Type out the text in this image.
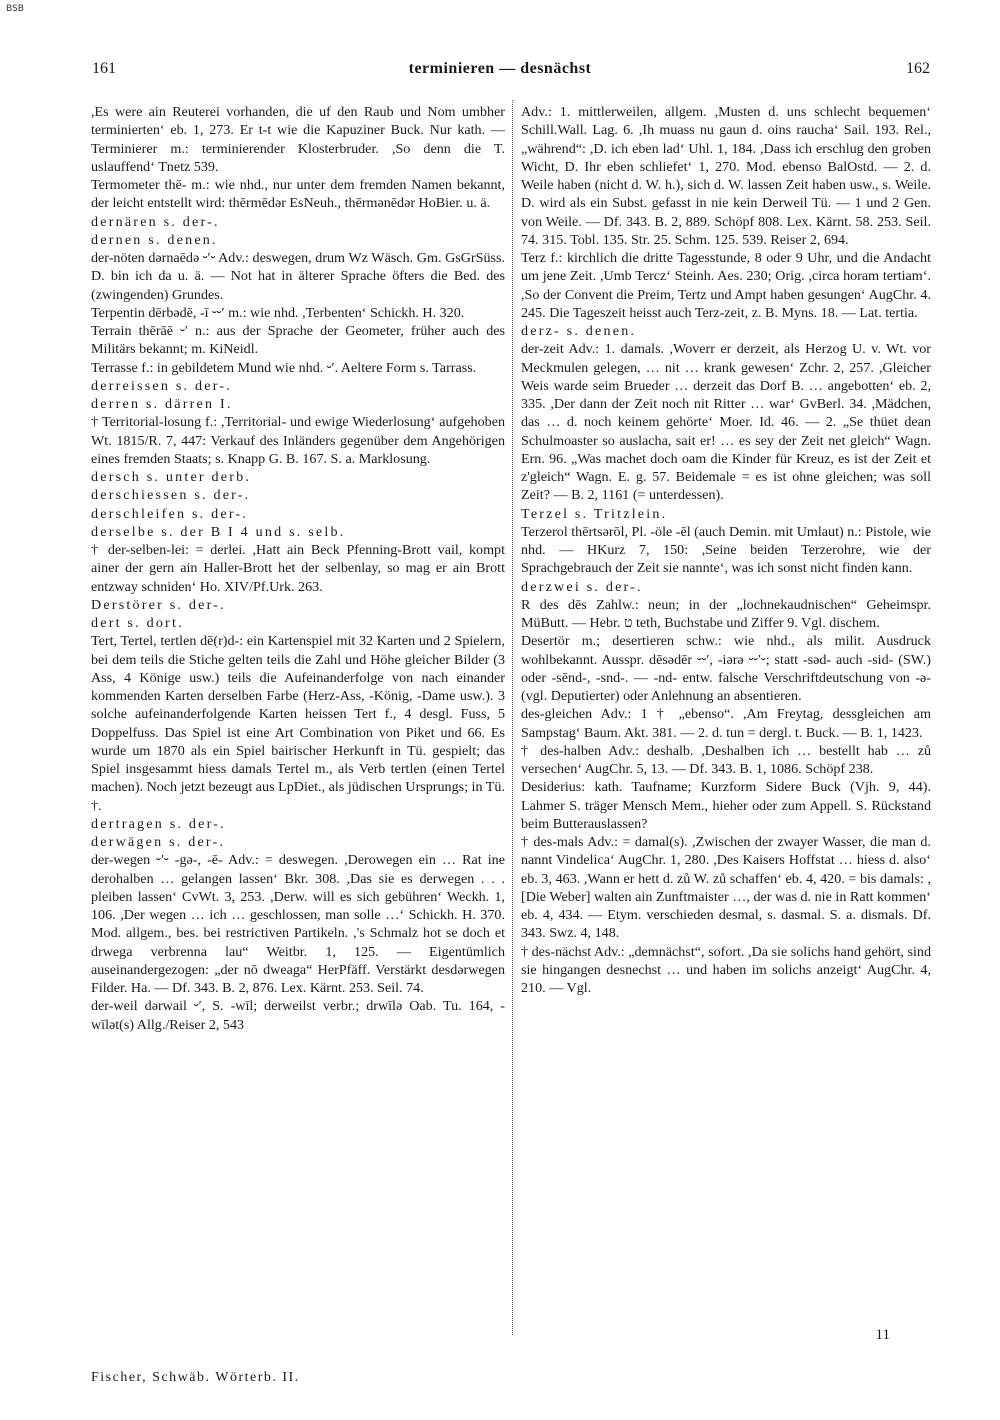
BSB
161	terminieren — desnächst	162

,Es were ain Reuterei vorhanden, die uf den Raub und Nom umbher terminierten‘ eb. 1, 273. Er t-t wie die Kapuziner Buck. Nur kath. — Terminierer m.: terminierender Klosterbruder. ,So denn die T. uslauffend‘ Tnetz 539.

Termometer thē- m.: wie nhd., nur unter dem fremden Namen bekannt, der leicht entstellt wird: thērmēdər EsNeuh., thērmənēdər HoBier. u. ä.

dernären s. der-.

dernen s. denen.

der-nöten dərnaēdə ⏑′⏑ Adv.: deswegen, drum Wz Wäsch. Gm. GsGrSüss. D. bin ich da u. ä. — Not hat in älterer Sprache öfters die Bed. des (zwingenden) Grundes.

Terpentin dērbədē, -ī ⏑⏑′ m.: wie nhd. ,Terbenten‘ Schickh. H. 320.

Terrain thērāē ⏑′ n.: aus der Sprache der Geometer, früher auch des Militärs bekannt; m. KiNeidl.

Terrasse f.: in gebildetem Mund wie nhd. ⏑′. Aeltere Form s. Tarrass.

derreissen s. der-.

derren s. därren I.

† Territorial-losung f.: ,Territorial- und ewige Wiederlosung‘ aufgehoben Wt. 1815/R. 7, 447: Verkauf des Inländers gegenüber dem Angehörigen eines fremden Staats; s. Knapp G. B. 167. S. a. Marklosung.

dersch s. unter derb.

derschiessen s. der-.

derschleifen s. der-.

derselbe s. der B I 4 und s. selb.

† der-selben-lei: = derlei. ,Hatt ain Beck Pfenning-Brott vail, kompt ainer der gern ain Haller-Brott het der selbenlay, so mag er ain Brott entzway schniden‘ Ho. XIV/Pf.Urk. 263.

Derstörer s. der-.

dert s. dort.

Tert, Tertel, tertlen dē(r)d-: ein Kartenspiel mit 32 Karten und 2 Spielern, bei dem teils die Stiche gelten teils die Zahl und Höhe gleicher Bilder (3 Ass, 4 Könige usw.) teils die Aufeinanderfolge von nach einander kommenden Karten derselben Farbe (Herz-Ass, -König, -Dame usw.). 3 solche aufeinanderfolgende Karten heissen Tert f., 4 desgl. Fuss, 5 Doppelfuss. Das Spiel ist eine Art Combination von Piket und 66. Es wurde um 1870 als ein Spiel bairischer Herkunft in Tü. gespielt; das Spiel insgesammt hiess damals Tertel m., als Verb tertlen (einen Tertel machen). Noch jetzt bezeugt aus LpDiet., als jüdischen Ursprungs; in Tü. †.

dertragen s. der-.

derwägen s. der-.

der-wegen ⏑′⏑ -gə-, -ē- Adv.: = deswegen. ,Derowegen ein … Rat ine derohalben … gelangen lassen‘ Bkr. 308. ,Das sie es derwegen . . . pleiben lassen‘ CvWt. 3, 253. ,Derw. will es sich gebühren‘ Weckh. 1, 106. ,Der wegen … ich … geschlossen, man solle …‘ Schickh. H. 370. Mod. allgem., bes. bei restrictiven Partikeln. ,'s Schmalz hot se doch et drwega verbrenna lau“ Weitbr. 1, 125. — Eigentümlich auseinandergezogen: „der nō dweaga“ HerPfäff. Verstärkt desdərwegen Filder. Ha. — Df. 343. B. 2, 876. Lex. Kärnt. 253. Seil. 74.

der-weil dərwail ⏑′, S. -wīl; derweilst verbr.; drwīlə Oab. Tu. 164, -wīlət(s) Allg./Reiser 2, 543

Adv.: 1. mittlerweilen, allgem. ,Musten d. uns schlecht bequemen‘ Schill.Wall. Lag. 6. ,Ih muass nu gaun d. oins raucha‘ Sail. 193. Rel., „während“: ,D. ich eben lad‘ Uhl. 1, 184. ,Dass ich erschlug den groben Wicht, D. Ihr eben schliefet‘ 1, 270. Mod. ebenso BalOstd. — 2. d. Weile haben (nicht d. W. h.), sich d. W. lassen Zeit haben usw., s. Weile. D. wird als ein Subst. gefasst in nie kein Derweil Tü. — 1 und 2 Gen. von Weile. — Df. 343. B. 2, 889. Schöpf 808. Lex. Kärnt. 58. 253. Seil. 74. 315. Tobl. 135. Str. 25. Schm. 125. 539. Reiser 2, 694.

Terz f.: kirchlich die dritte Tagesstunde, 8 oder 9 Uhr, und die Andacht um jene Zeit. ,Umb Tercz‘ Steinh. Aes. 230; Orig. ,circa horam tertiam‘. ,So der Convent die Preim, Tertz und Ampt haben gesungen‘ AugChr. 4. 245. Die Tageszeit heisst auch Terz-zeit, z. B. Myns. 18. — Lat. tertia.

derz- s. denen.

der-zeit Adv.: 1. damals. ,Woverr er derzeit, als Herzog U. v. Wt. vor Meckmulen gelegen, … nit … krank gewesen‘ Zchr. 2, 257. ,Gleicher Weis warde seim Brueder … derzeit das Dorf B. … angebotten‘ eb. 2, 335. ,Der dann der Zeit noch nit Ritter … war‘ GvBerl. 34. ,Mädchen, das … d. noch keinem gehörte‘ Moer. Id. 46. — 2. „Se thüet dean Schulmoaster so auslacha, sait er! … es sey der Zeit net gleich“ Wagn. Ern. 96. „Was machet doch oam die Kinder für Kreuz, es ist der Zeit et z'gleich“ Wagn. E. g. 57. Beidemale = es ist ohne gleichen; was soll Zeit? — B. 2, 1161 (= unterdessen).

Terzel s. Tritzlein.

Terzerol thērtsərōl, Pl. -öle -ēl (auch Demin. mit Umlaut) n.: Pistole, wie nhd. — HKurz 7, 150: ,Seine beiden Terzerohre, wie der Sprachgebrauch der Zeit sie nannte‘, was ich sonst nicht finden kann.

derzwei s. der-.

R des dēs Zahlw.: neun; in der „lochnekaudnischen“ Geheimspr. MüButt. — Hebr. ט teth, Buchstabe und Ziffer 9. Vgl. dischem.

Desertör m.; desertieren schw.: wie nhd., als milit. Ausdruck wohlbekannt. Ausspr. dēsədēr ⏑⏑′, -iərə ⏑⏑′⏑; statt -səd- auch -sid- (SW.) oder -sēnd-, -snd-. — -nd- entw. falsche Verschriftdeutschung von -ə- (vgl. Deputierter) oder Anlehnung an absentieren.

des-gleichen Adv.: 1 † „ebenso“. ,Am Freytag, dessgleichen am Sampstag‘ Baum. Akt. 381. — 2. d. tun = dergl. t. Buck. — B. 1, 1423.

† des-halben Adv.: deshalb. ,Deshalben ich … bestellt hab … zů versechen‘ AugChr. 5, 13. — Df. 343. B. 1, 1086. Schöpf 238.

Desiderius: kath. Taufname; Kurzform Sidere Buck (Vjh. 9, 44). Lahmer S. träger Mensch Mem., hieher oder zum Appell. S. Rückstand beim Butterauslassen?

† des-mals Adv.: = damal(s). ,Zwischen der zwayer Wasser, die man d. nannt Vindelica‘ AugChr. 1, 280. ,Des Kaisers Hoffstat … hiess d. also‘ eb. 3, 463. ,Wann er hett d. zů W. zů schaffen‘ eb. 4, 420. = bis damals: ,[Die Weber] walten ain Zunftmaister …, der was d. nie in Ratt kommen‘ eb. 4, 434. — Etym. verschieden desmal, s. dasmal. S. a. dismals. Df. 343. Swz. 4, 148.

† des-nächst Adv.: „demnächst“, sofort. ,Da sie solichs hand gehört, sind sie hingangen desnechst … und haben im solichs anzeigt‘ AugChr. 4, 210. — Vgl.

11
Fischer, Schwäb. Wörterb. II.
